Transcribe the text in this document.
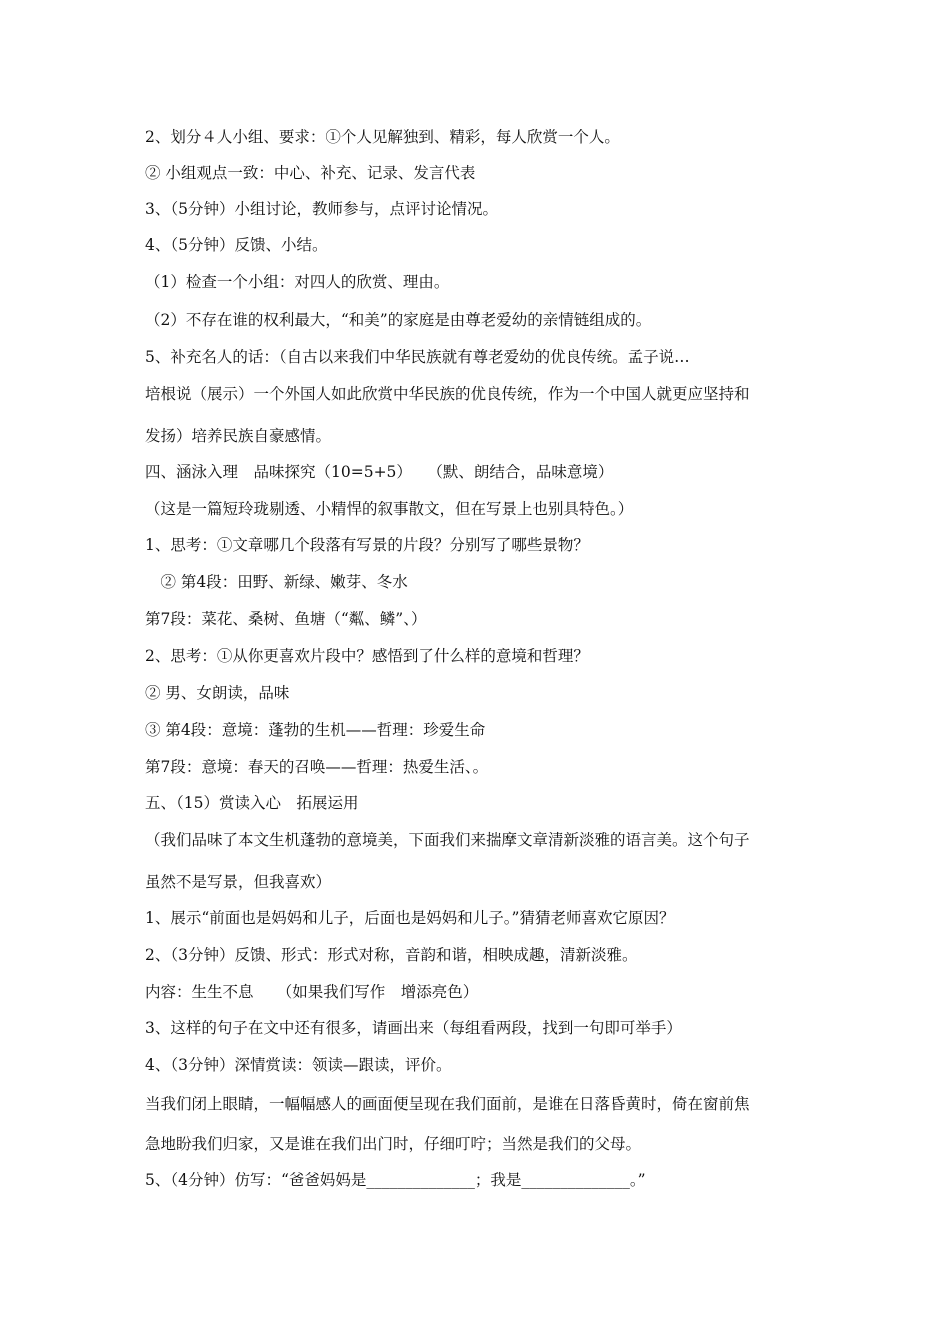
2、划分４人小组、要求：①个人见解独到、精彩，每人欣赏一个人。
② 小组观点一致：中心、补充、记录、发言代表
3、（5分钟）小组讨论，教师参与，点评讨论情况。
4、（5分钟）反馈、小结。
（1）检查一个小组：对四人的欣赏、理由。
（2）不存在谁的权利最大，“和美”的家庭是由尊老爱幼的亲情链组成的。
5、补充名人的话：（自古以来我们中华民族就有尊老爱幼的优良传统。孟子说…
培根说（展示）一个外国人如此欣赏中华民族的优良传统，作为一个中国人就更应坚持和
发扬）培养民族自豪感情。
四、涵泳入理　品味探究（10=5+5）　　（默、朗结合，品味意境）
（这是一篇短玲珑剔透、小精悍的叙事散文，但在写景上也别具特色。）
1、思考：①文章哪几个段落有写景的片段？分别写了哪些景物？
　② 第4段：田野、新绿、嫩芽、冬水
第7段：菜花、桑树、鱼塘（“粼、鳞”、）
2、思考：①从你更喜欢片段中？感悟到了什么样的意境和哲理？
② 男、女朗读，品味
③ 第4段：意境：蓬勃的生机——哲理：珍爱生命
第7段：意境：春天的召唤——哲理：热爱生活、。
五、（15）赏读入心　拓展运用
（我们品味了本文生机蓬勃的意境美，下面我们来揣摩文章清新淡雅的语言美。这个句子
虽然不是写景，但我喜欢）
1、展示“前面也是妈妈和儿子，后面也是妈妈和儿子。”猜猜老师喜欢它原因？
2、（3分钟）反馈、形式：形式对称，音韵和谐，相映成趣，清新淡雅。
内容：生生不息　　（如果我们写作　增添亮色）
3、这样的句子在文中还有很多，请画出来（每组看两段，找到一句即可举手）
4、（3分钟）深情赏读：领读—跟读，评价。
当我们闭上眼睛，一幅幅感人的画面便呈现在我们面前，是谁在日落昏黄时，倚在窗前焦
急地盼我们归家，又是谁在我们出门时，仔细叮咛；当然是我们的父母。
5、（4分钟）仿写：“爸爸妈妈是______________；我是______________。”
